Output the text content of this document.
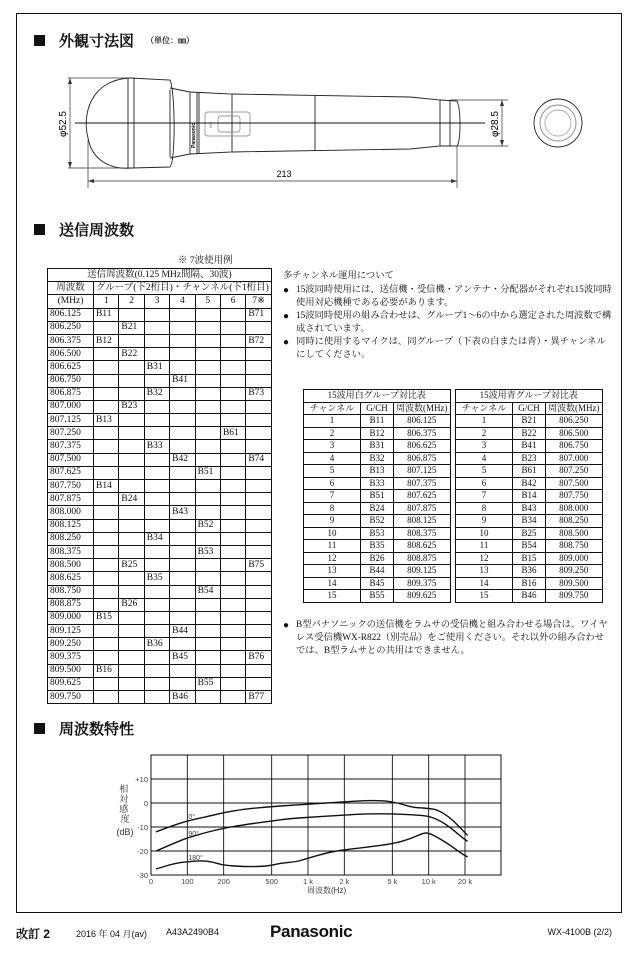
外観寸法図 （単位：㎜）
Panasonic	ON
φ52.5	φ28.5
213
送信周波数
※ 7波使用例
送信周波数(0.125 MHz間隔、30波)							
周波数	グループ(下2桁目)・チャンネル(下1桁目)						
(MHz)	1	2	3	4	5	6	7※
806.125	B11						B71
806.250		B21					
806.375	B12						B72
806.500		B22					
806.625			B31				
806.750				B41			
806.875			B32				B73
807.000		B23					
807.125	B13						
807.250						B61	
807.375			B33				
807.500				B42			B74
807.625					B51		
807.750	B14						
807.875		B24					
808.000				B43			
808.125					B52		
808.250			B34				
808.375					B53		
808.500		B25					B75
808.625			B35				
808.750					B54		
808.875		B26					
809.000	B15						
809.125				B44			
809.250			B36				
809.375				B45			B76
809.500	B16						
809.625					B55		
809.750				B46			B77
多チャンネル運用について
● 15波同時使用には、送信機・受信機・アンテナ・分配器がそれぞれ15波同時使用対応機種である必要があります。
● 15波同時使用の組み合わせは、グループ1〜6の中から選定された周波数で構成されています。
● 同時に使用するマイクは、同グループ（下表の白または青）・異チャンネルにしてください。
15波用白グループ対比表		
チャンネル	G/CH	周波数(MHz)
1	B11	806.125
2	B12	806.375
3	B31	806.625
4	B32	806.875
5	B13	807.125
6	B33	807.375
7	B51	807.625
8	B24	807.875
9	B52	808.125
10	B53	808.375
11	B35	808.625
12	B26	808.875
13	B44	809.125
14	B45	809.375
15	B55	809.625
15波用青グループ対比表		
チャンネル	G/CH	周波数(MHz)
1	B21	806.250
2	B22	806.500
3	B41	806.750
4	B23	807.000
5	B61	807.250
6	B42	807.500
7	B14	807.750
8	B43	808.000
9	B34	808.250
10	B25	808.500
11	B54	808.750
12	B15	809.000
13	B36	809.250
14	B16	809.500
15	B46	809.750
● B型パナソニックの送信機をラムサの受信機と組み合わせる場合は、ワイヤレス受信機WX-R822（別売品）をご使用ください。それ以外の組み合わせでは、B型ラムサとの共用はできません。
周波数特性
0	100	200	500	1 k	2 k	5 k	10 k	20 k
+10
0
-10
-20
-30
0°
90°
180°
相 対 感 度
(dB)
周波数(Hz)
改訂 2	2016 年 04 月(av) A43A2490B4	Panasonic	WX-4100B (2/2)
